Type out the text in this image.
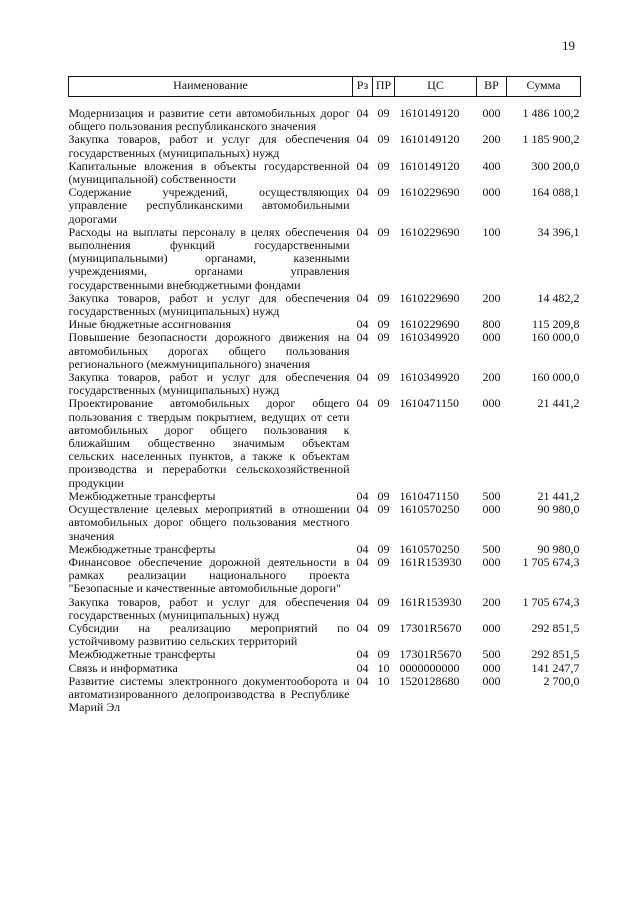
19
Наименование	Рз	ПР	ЦС	ВР	Сумма
Модернизация и развитие сети автомобильных дорог общего пользования республиканского значения	04	09	1610149120	000	1 486 100,2
Закупка товаров, работ и услуг для обеспечения государственных (муниципальных) нужд	04	09	1610149120	200	1 185 900,2
Капитальные вложения в объекты государственной (муниципальной) собственности	04	09	1610149120	400	300 200,0
Содержание учреждений, осуществляющих управление республиканскими автомобильными дорогами	04	09	1610229690	000	164 088,1
Расходы на выплаты персоналу в целях обеспечения выполнения функций государственными (муниципальными) органами, казенными учреждениями, органами управления государственными внебюджетными фондами	04	09	1610229690	100	34 396,1
Закупка товаров, работ и услуг для обеспечения государственных (муниципальных) нужд	04	09	1610229690	200	14 482,2
Иные бюджетные ассигнования	04	09	1610229690	800	115 209,8
Повышение безопасности дорожного движения на автомобильных дорогах общего пользования регионального (межмуниципального) значения	04	09	1610349920	000	160 000,0
Закупка товаров, работ и услуг для обеспечения государственных (муниципальных) нужд	04	09	1610349920	200	160 000,0
Проектирование автомобильных дорог общего пользования с твердым покрытием, ведущих от сети автомобильных дорог общего пользования к ближайшим общественно значимым объектам сельских населенных пунктов, а также к объектам производства и переработки сельскохозяйственной продукции	04	09	1610471150	000	21 441,2
Межбюджетные трансферты	04	09	1610471150	500	21 441,2
Осуществление целевых мероприятий в отношении автомобильных дорог общего пользования местного значения	04	09	1610570250	000	90 980,0
Межбюджетные трансферты	04	09	1610570250	500	90 980,0
Финансовое обеспечение дорожной деятельности в рамках реализации национального проекта "Безопасные и качественные автомобильные дороги"	04	09	161R153930	000	1 705 674,3
Закупка товаров, работ и услуг для обеспечения государственных (муниципальных) нужд	04	09	161R153930	200	1 705 674,3
Субсидии на реализацию мероприятий по устойчивому развитию сельских территорий	04	09	17301R5670	000	292 851,5
Межбюджетные трансферты	04	09	17301R5670	500	292 851,5
Связь и информатика	04	10	0000000000	000	141 247,7
Развитие системы электронного документооборота и автоматизированного делопроизводства в Республике Марий Эл	04	10	1520128680	000	2 700,0
